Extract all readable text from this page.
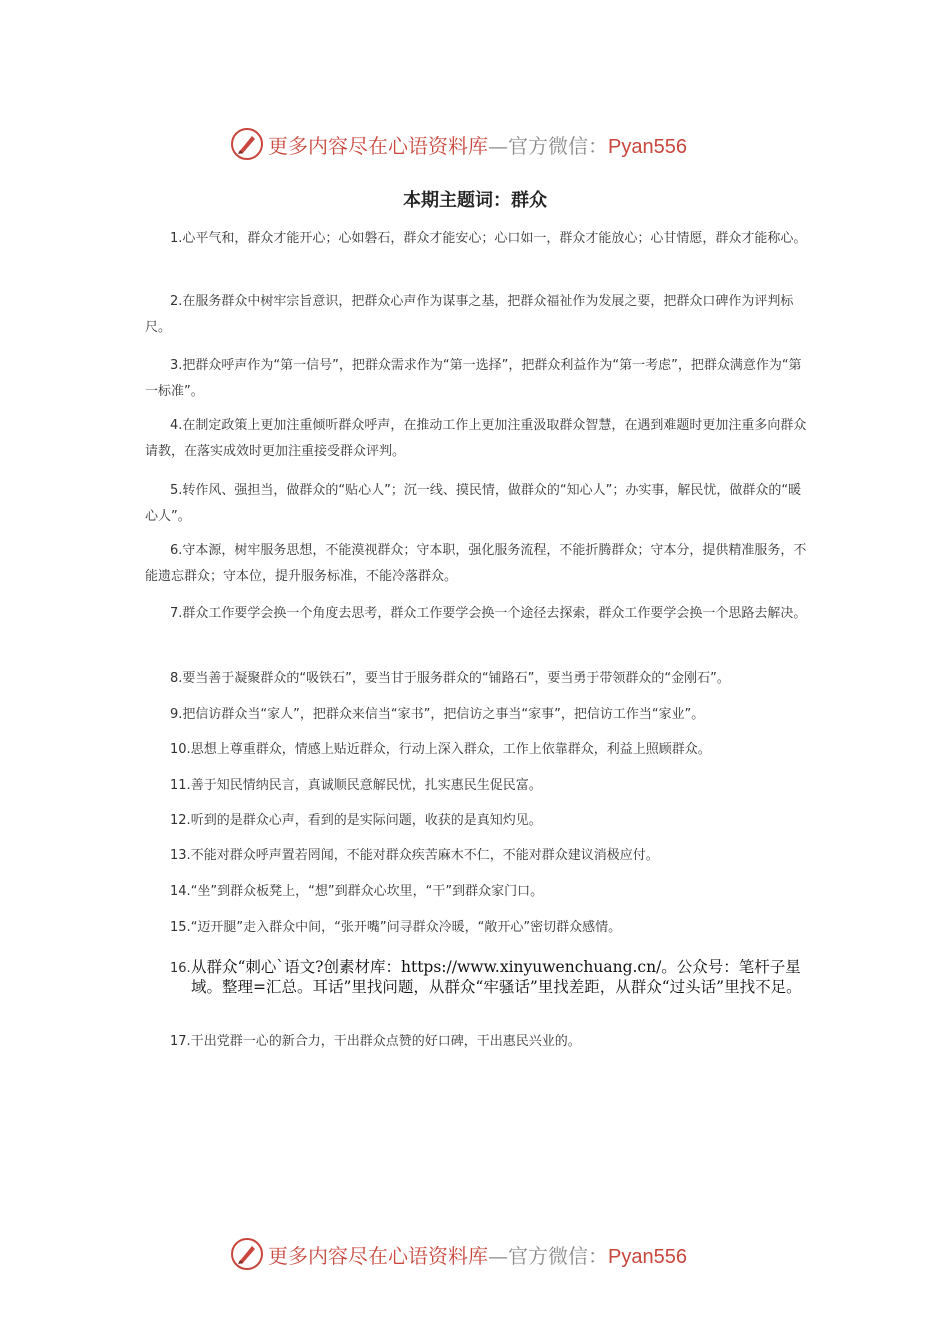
更多内容尽在心语资料库—官方微信：Pyan556
本期主题词：群众
1.心平气和，群众才能开心；心如磐石，群众才能安心；心口如一，群众才能放心；心甘情愿，群众才能称心。
2.在服务群众中树牢宗旨意识，把群众心声作为谋事之基，把群众福祉作为发展之要，把群众口碑作为评判标尺。
3.把群众呼声作为“第一信号”，把群众需求作为“第一选择”，把群众利益作为“第一考虑”，把群众满意作为“第一标准”。
4.在制定政策上更加注重倾听群众呼声，在推动工作上更加注重汲取群众智慧，在遇到难题时更加注重多向群众请教，在落实成效时更加注重接受群众评判。
5.转作风、强担当，做群众的“贴心人”；沉一线、摸民情，做群众的“知心人”；办实事，解民忧，做群众的“暖心人”。
6.守本源，树牢服务思想，不能漠视群众；守本职，强化服务流程，不能折腾群众；守本分，提供精准服务，不能遗忘群众；守本位，提升服务标准，不能冷落群众。
7.群众工作要学会换一个角度去思考，群众工作要学会换一个途径去探索，群众工作要学会换一个思路去解决。
8.要当善于凝聚群众的“吸铁石”，要当甘于服务群众的“铺路石”，要当勇于带领群众的“金刚石”。
9.把信访群众当“家人”，把群众来信当“家书”，把信访之事当“家事”，把信访工作当“家业”。
10.思想上尊重群众，情感上贴近群众，行动上深入群众，工作上依靠群众，利益上照顾群众。
11.善于知民情纳民言，真诚顺民意解民忧，扎实惠民生促民富。
12.听到的是群众心声，看到的是实际问题，收获的是真知灼见。
13.不能对群众呼声置若罔闻，不能对群众疾苦麻木不仁，不能对群众建议消极应付。
14.“坐”到群众板凳上，“想”到群众心坎里，“干”到群众家门口。
15.“迈开腿”走入群众中间，“张开嘴”问寻群众冷暖，“敞开心”密切群众感情。
16.从群众“刺心`语文?创素材库：https://www.xinyuwenchuang.cn/。公众号：笔杆子星域。整理=汇总。耳话”里找问题，从群众“牢骚话”里找差距，从群众“过头话”里找不足。
17.干出党群一心的新合力，干出群众点赞的好口碑，干出惠民兴业的。
更多内容尽在心语资料库—官方微信：Pyan556
